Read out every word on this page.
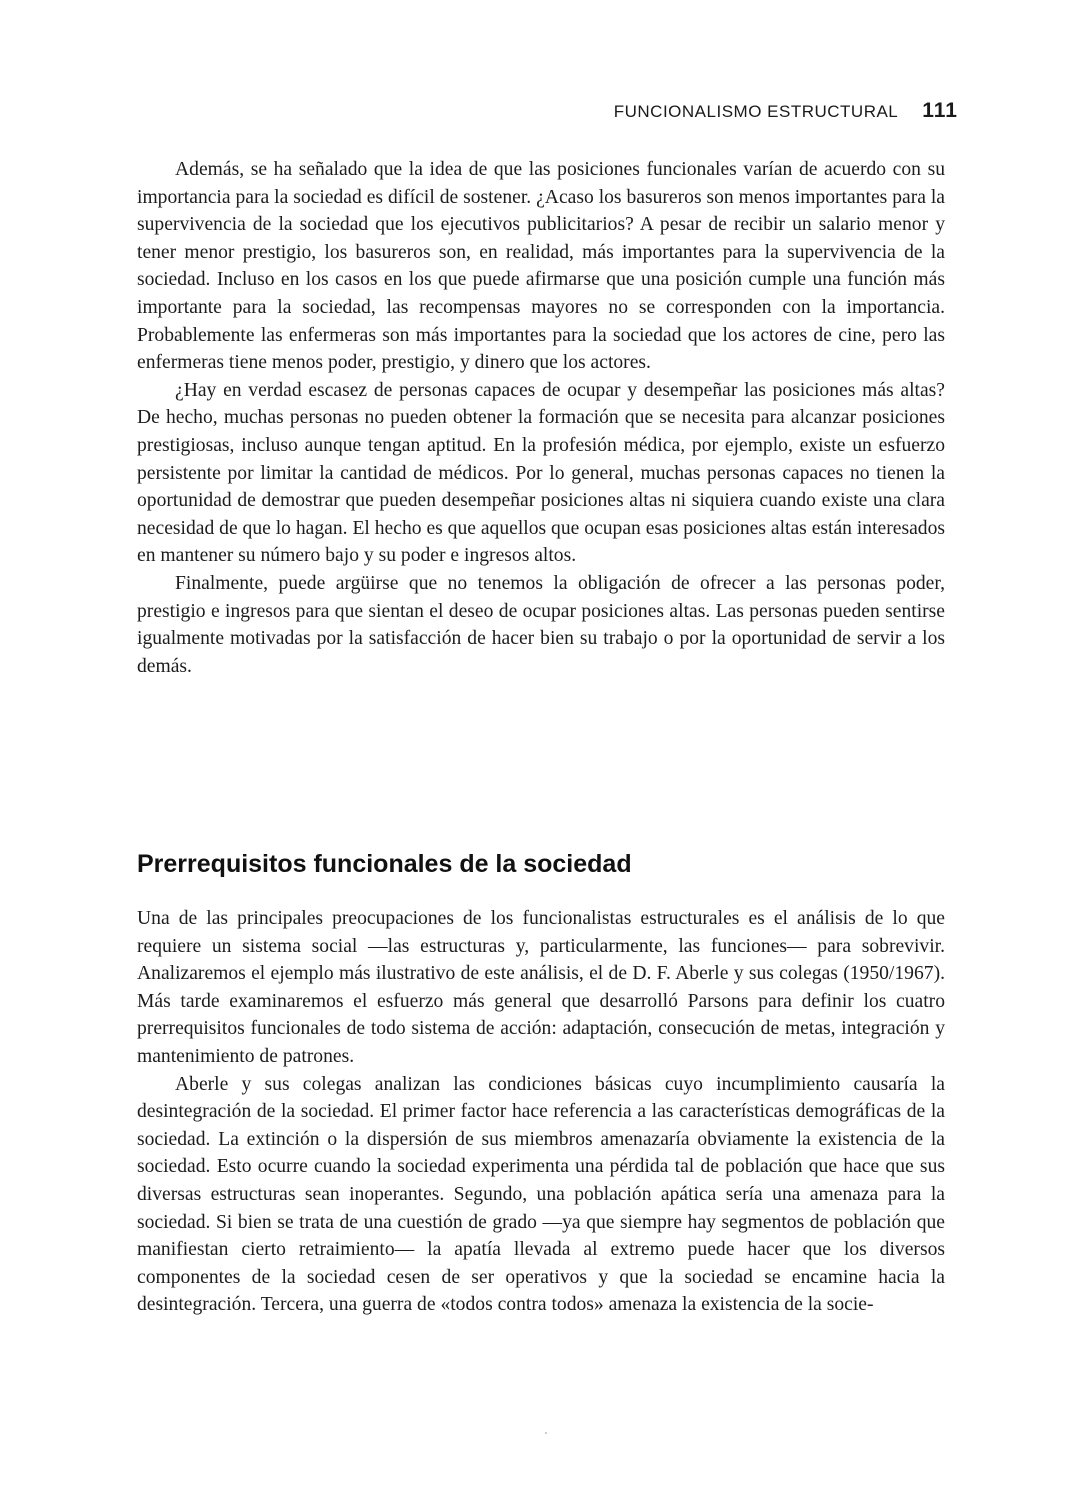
FUNCIONALISMO ESTRUCTURAL 111

Además, se ha señalado que la idea de que las posiciones funcionales varían de acuerdo con su importancia para la sociedad es difícil de sostener. ¿Acaso los basureros son menos importantes para la supervivencia de la sociedad que los ejecutivos publicitarios? A pesar de recibir un salario menor y tener menor prestigio, los basureros son, en realidad, más importantes para la supervivencia de la sociedad. Incluso en los casos en los que puede afirmarse que una posición cumple una función más importante para la sociedad, las recompensas mayores no se corresponden con la importancia. Probablemente las enfermeras son más importantes para la sociedad que los actores de cine, pero las enfermeras tiene menos poder, prestigio, y dinero que los actores.

¿Hay en verdad escasez de personas capaces de ocupar y desempeñar las posiciones más altas? De hecho, muchas personas no pueden obtener la formación que se necesita para alcanzar posiciones prestigiosas, incluso aunque tengan aptitud. En la profesión médica, por ejemplo, existe un esfuerzo persistente por limitar la cantidad de médicos. Por lo general, muchas personas capaces no tienen la oportunidad de demostrar que pueden desempeñar posiciones altas ni siquiera cuando existe una clara necesidad de que lo hagan. El hecho es que aquellos que ocupan esas posiciones altas están interesados en mantener su número bajo y su poder e ingresos altos.

Finalmente, puede argüirse que no tenemos la obligación de ofrecer a las personas poder, prestigio e ingresos para que sientan el deseo de ocupar posiciones altas. Las personas pueden sentirse igualmente motivadas por la satisfacción de hacer bien su trabajo o por la oportunidad de servir a los demás.

Prerrequisitos funcionales de la sociedad

Una de las principales preocupaciones de los funcionalistas estructurales es el análisis de lo que requiere un sistema social —las estructuras y, particularmente, las funciones— para sobrevivir. Analizaremos el ejemplo más ilustrativo de este análisis, el de D. F. Aberle y sus colegas (1950/1967). Más tarde examinaremos el esfuerzo más general que desarrolló Parsons para definir los cuatro prerrequisitos funcionales de todo sistema de acción: adaptación, consecución de metas, integración y mantenimiento de patrones.

Aberle y sus colegas analizan las condiciones básicas cuyo incumplimiento causaría la desintegración de la sociedad. El primer factor hace referencia a las características demográficas de la sociedad. La extinción o la dispersión de sus miembros amenazaría obviamente la existencia de la sociedad. Esto ocurre cuando la sociedad experimenta una pérdida tal de población que hace que sus diversas estructuras sean inoperantes. Segundo, una población apática sería una amenaza para la sociedad. Si bien se trata de una cuestión de grado —ya que siempre hay segmentos de población que manifiestan cierto retraimiento— la apatía llevada al extremo puede hacer que los diversos componentes de la sociedad cesen de ser operativos y que la sociedad se encamine hacia la desintegración. Tercera, una guerra de «todos contra todos» amenaza la existencia de la socie-
